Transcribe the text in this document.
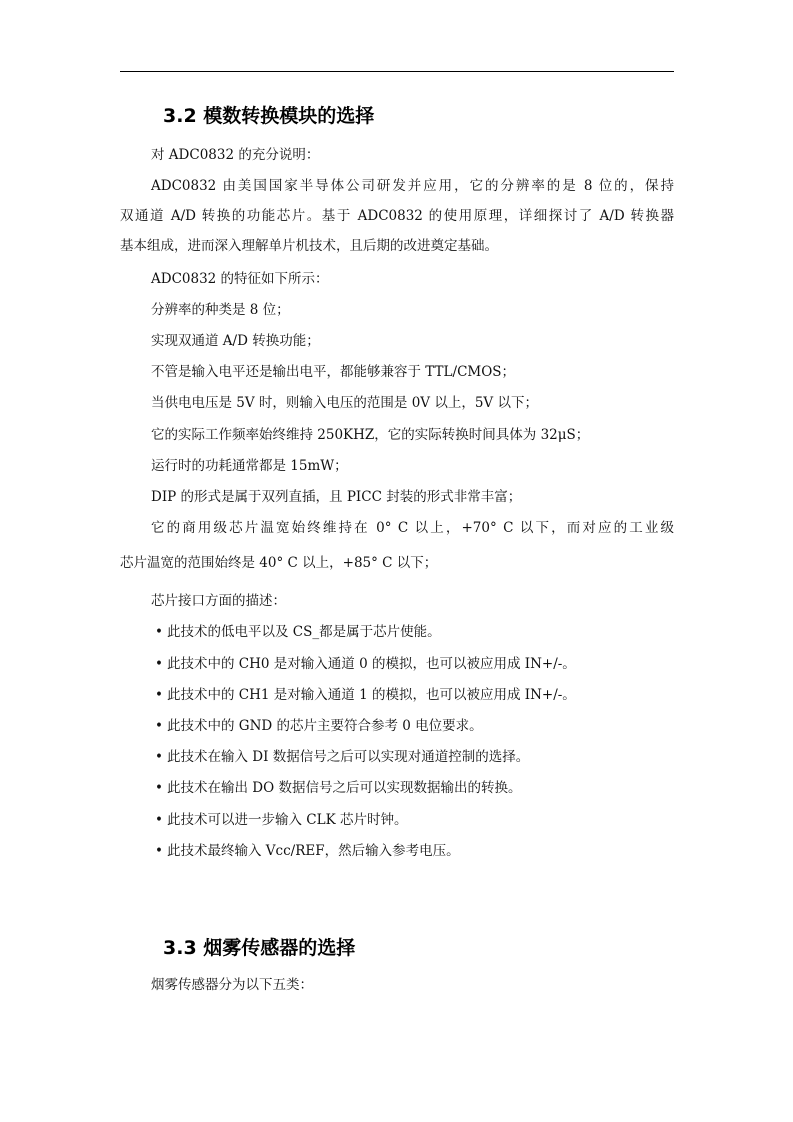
3.2 模数转换模块的选择
对 ADC0832 的充分说明：
ADC0832 由美国国家半导体公司研发并应用，它的分辨率的是 8 位的，保持
双通道 A/D 转换的功能芯片。基于 ADC0832 的使用原理，详细探讨了 A/D 转换器
基本组成，进而深入理解单片机技术，且后期的改进奠定基础。
ADC0832 的特征如下所示：
分辨率的种类是 8 位；
实现双通道 A/D 转换功能；
不管是输入电平还是输出电平，都能够兼容于 TTL/CMOS；
当供电电压是 5V 时，则输入电压的范围是 0V 以上，5V 以下；
它的实际工作频率始终维持 250KHZ，它的实际转换时间具体为 32μS；
运行时的功耗通常都是 15mW；
DIP 的形式是属于双列直插，且 PICC 封装的形式非常丰富；
它的商用级芯片温宽始终维持在 0° C 以上，+70° C 以下，而对应的工业级
芯片温宽的范围始终是 40° C 以上，+85° C 以下；
芯片接口方面的描述：
• 此技术的低电平以及 CS_都是属于芯片使能。
• 此技术中的 CH0 是对输入通道 0 的模拟，也可以被应用成 IN+/-。
• 此技术中的 CH1 是对输入通道 1 的模拟，也可以被应用成 IN+/-。
• 此技术中的 GND 的芯片主要符合参考 0 电位要求。
• 此技术在输入 DI 数据信号之后可以实现对通道控制的选择。
• 此技术在输出 DO 数据信号之后可以实现数据输出的转换。
• 此技术可以进一步输入 CLK 芯片时钟。
• 此技术最终输入 Vcc/REF，然后输入参考电压。
3.3 烟雾传感器的选择
烟雾传感器分为以下五类：
